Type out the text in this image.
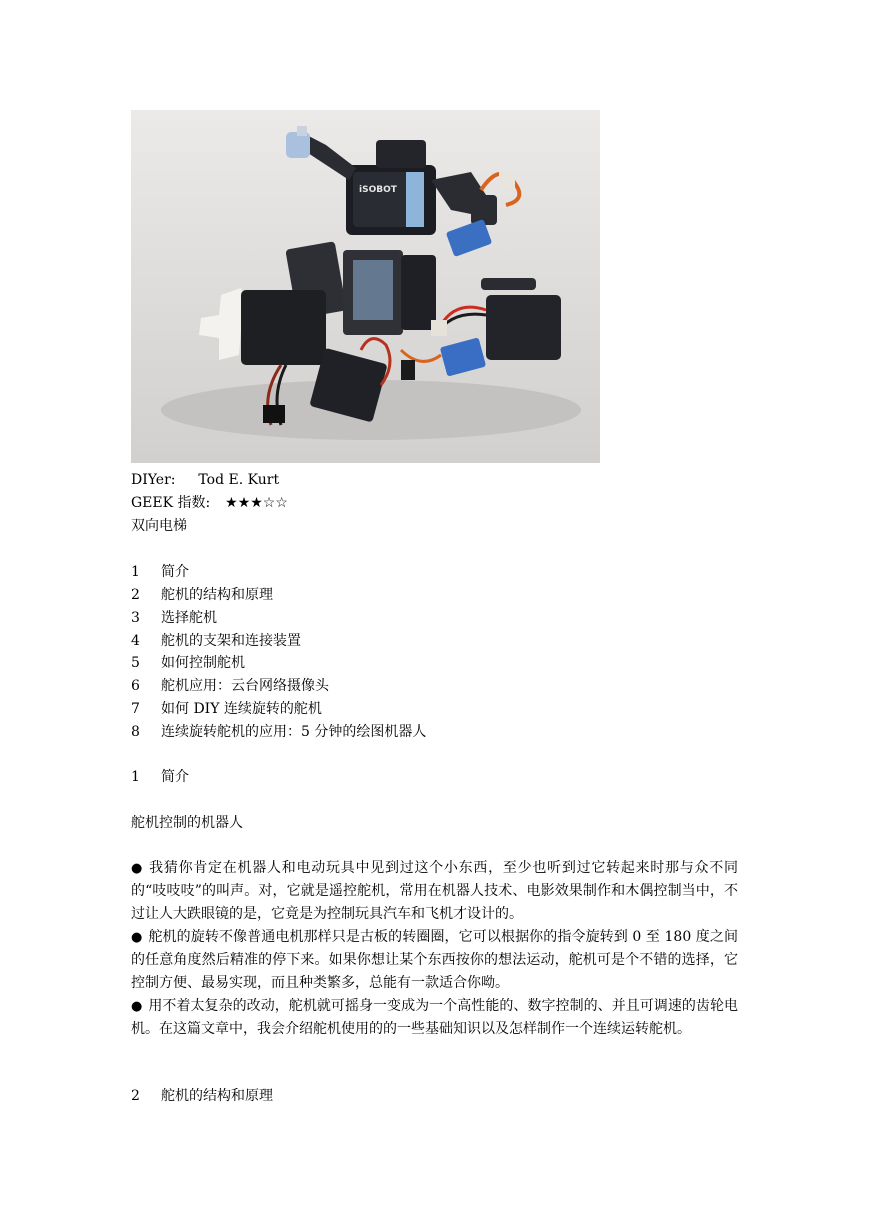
iSOBOT
DIYer: Tod E. Kurt
GEEK 指数: ★★★☆☆
双向电梯
1 简介
2 舵机的结构和原理
3 选择舵机
4 舵机的支架和连接装置
5 如何控制舵机
6 舵机应用：云台网络摄像头
7 如何 DIY 连续旋转的舵机
8 连续旋转舵机的应用：5 分钟的绘图机器人
1 简介
舵机控制的机器人

● 我猜你肯定在机器人和电动玩具中见到过这个小东西，至少也听到过它转起来时那与众不同的“吱吱吱”的叫声。对，它就是遥控舵机，常用在机器人技术、电影效果制作和木偶控制当中，不过让人大跌眼镜的是，它竟是为控制玩具汽车和飞机才设计的。

● 舵机的旋转不像普通电机那样只是古板的转圈圈，它可以根据你的指令旋转到 0 至 180 度之间的任意角度然后精准的停下来。如果你想让某个东西按你的想法运动，舵机可是个不错的选择，它控制方便、最易实现，而且种类繁多，总能有一款适合你呦。

● 用不着太复杂的改动，舵机就可摇身一变成为一个高性能的、数字控制的、并且可调速的齿轮电机。在这篇文章中，我会介绍舵机使用的的一些基础知识以及怎样制作一个连续运转舵机。

2 舵机的结构和原理
